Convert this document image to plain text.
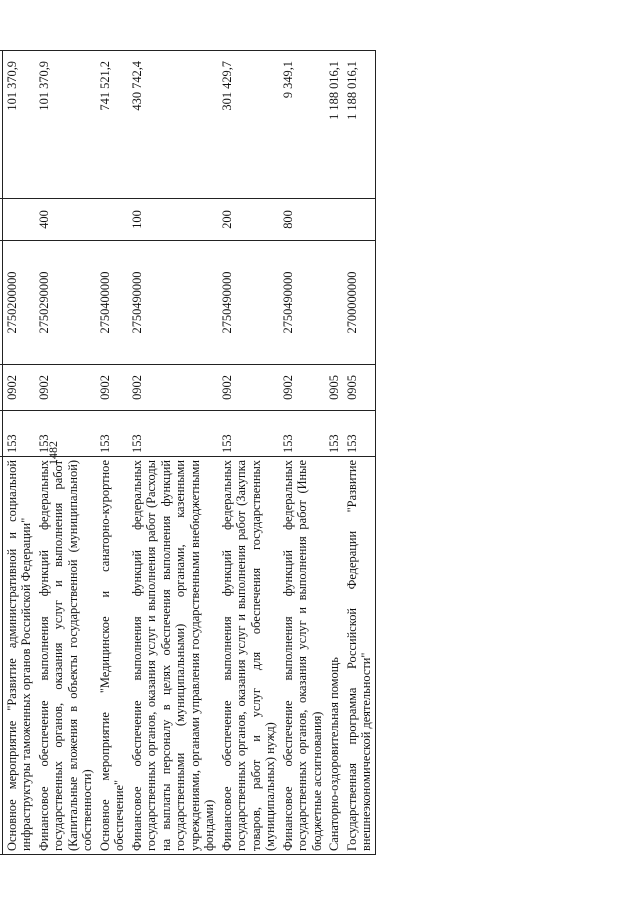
1482

Основное мероприятие "Развитие административной и социальной инфраструктуры таможенных органов Российской Федерации"	153	0902	2750200000		101 370,9
Финансовое обеспечение выполнения функций федеральных государственных органов, оказания услуг и выполнения работ (Капитальные вложения в объекты государственной (муниципальной) собственности)	153	0902	2750290000	400	101 370,9
Основное мероприятие "Медицинское и санаторно-курортное обеспечение"	153	0902	2750400000		741 521,2
Финансовое обеспечение выполнения функций федеральных государственных органов, оказания услуг и выполнения работ (Расходы на выплаты персоналу в целях обеспечения выполнения функций государственными (муниципальными) органами, казенными учреждениями, органами управления государственными внебюджетными фондами)	153	0902	2750490000	100	430 742,4
Финансовое обеспечение выполнения функций федеральных государственных органов, оказания услуг и выполнения работ (Закупка товаров, работ и услуг для обеспечения государственных (муниципальных) нужд)	153	0902	2750490000	200	301 429,7
Финансовое обеспечение выполнения функций федеральных государственных органов, оказания услуг и выполнения работ (Иные бюджетные ассигнования)	153	0902	2750490000	800	9 349,1
Санаторно-оздоровительная помощь	153	0905			1 188 016,1
Государственная программа Российской Федерации "Развитие внешнеэкономической деятельности"	153	0905	2700000000		1 188 016,1
